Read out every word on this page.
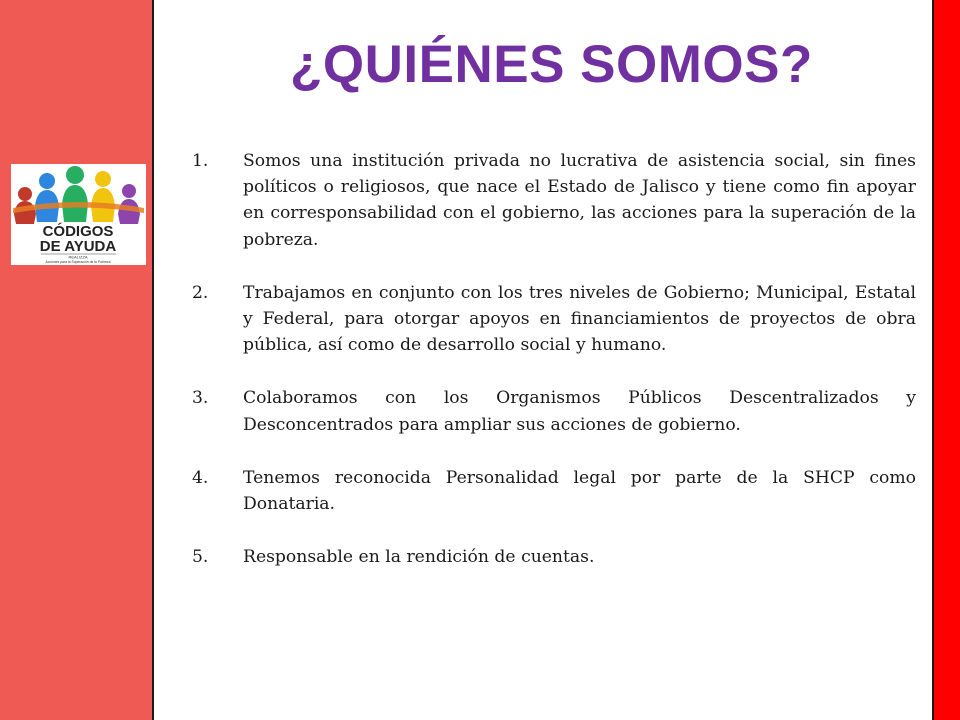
CÓDIGOS
DE AYUDA
REALIZZA
Acciones para la Superación de la Pobreza
¿QUIÉNES SOMOS?
1. Somos una institución privada no lucrativa de asistencia social, sin fines políticos o religiosos, que nace el Estado de Jalisco y tiene como fin apoyar en corresponsabilidad con el gobierno, las acciones para la superación de la pobreza.
2. Trabajamos en conjunto con los tres niveles de Gobierno; Municipal, Estatal y Federal, para otorgar apoyos en financiamientos de proyectos de obra pública, así como de desarrollo social y humano.
3. Colaboramos con los Organismos Públicos Descentralizados y Desconcentrados para ampliar sus acciones de gobierno.
4. Tenemos reconocida Personalidad legal por parte de la SHCP como Donataria.
5. Responsable en la rendición de cuentas.
